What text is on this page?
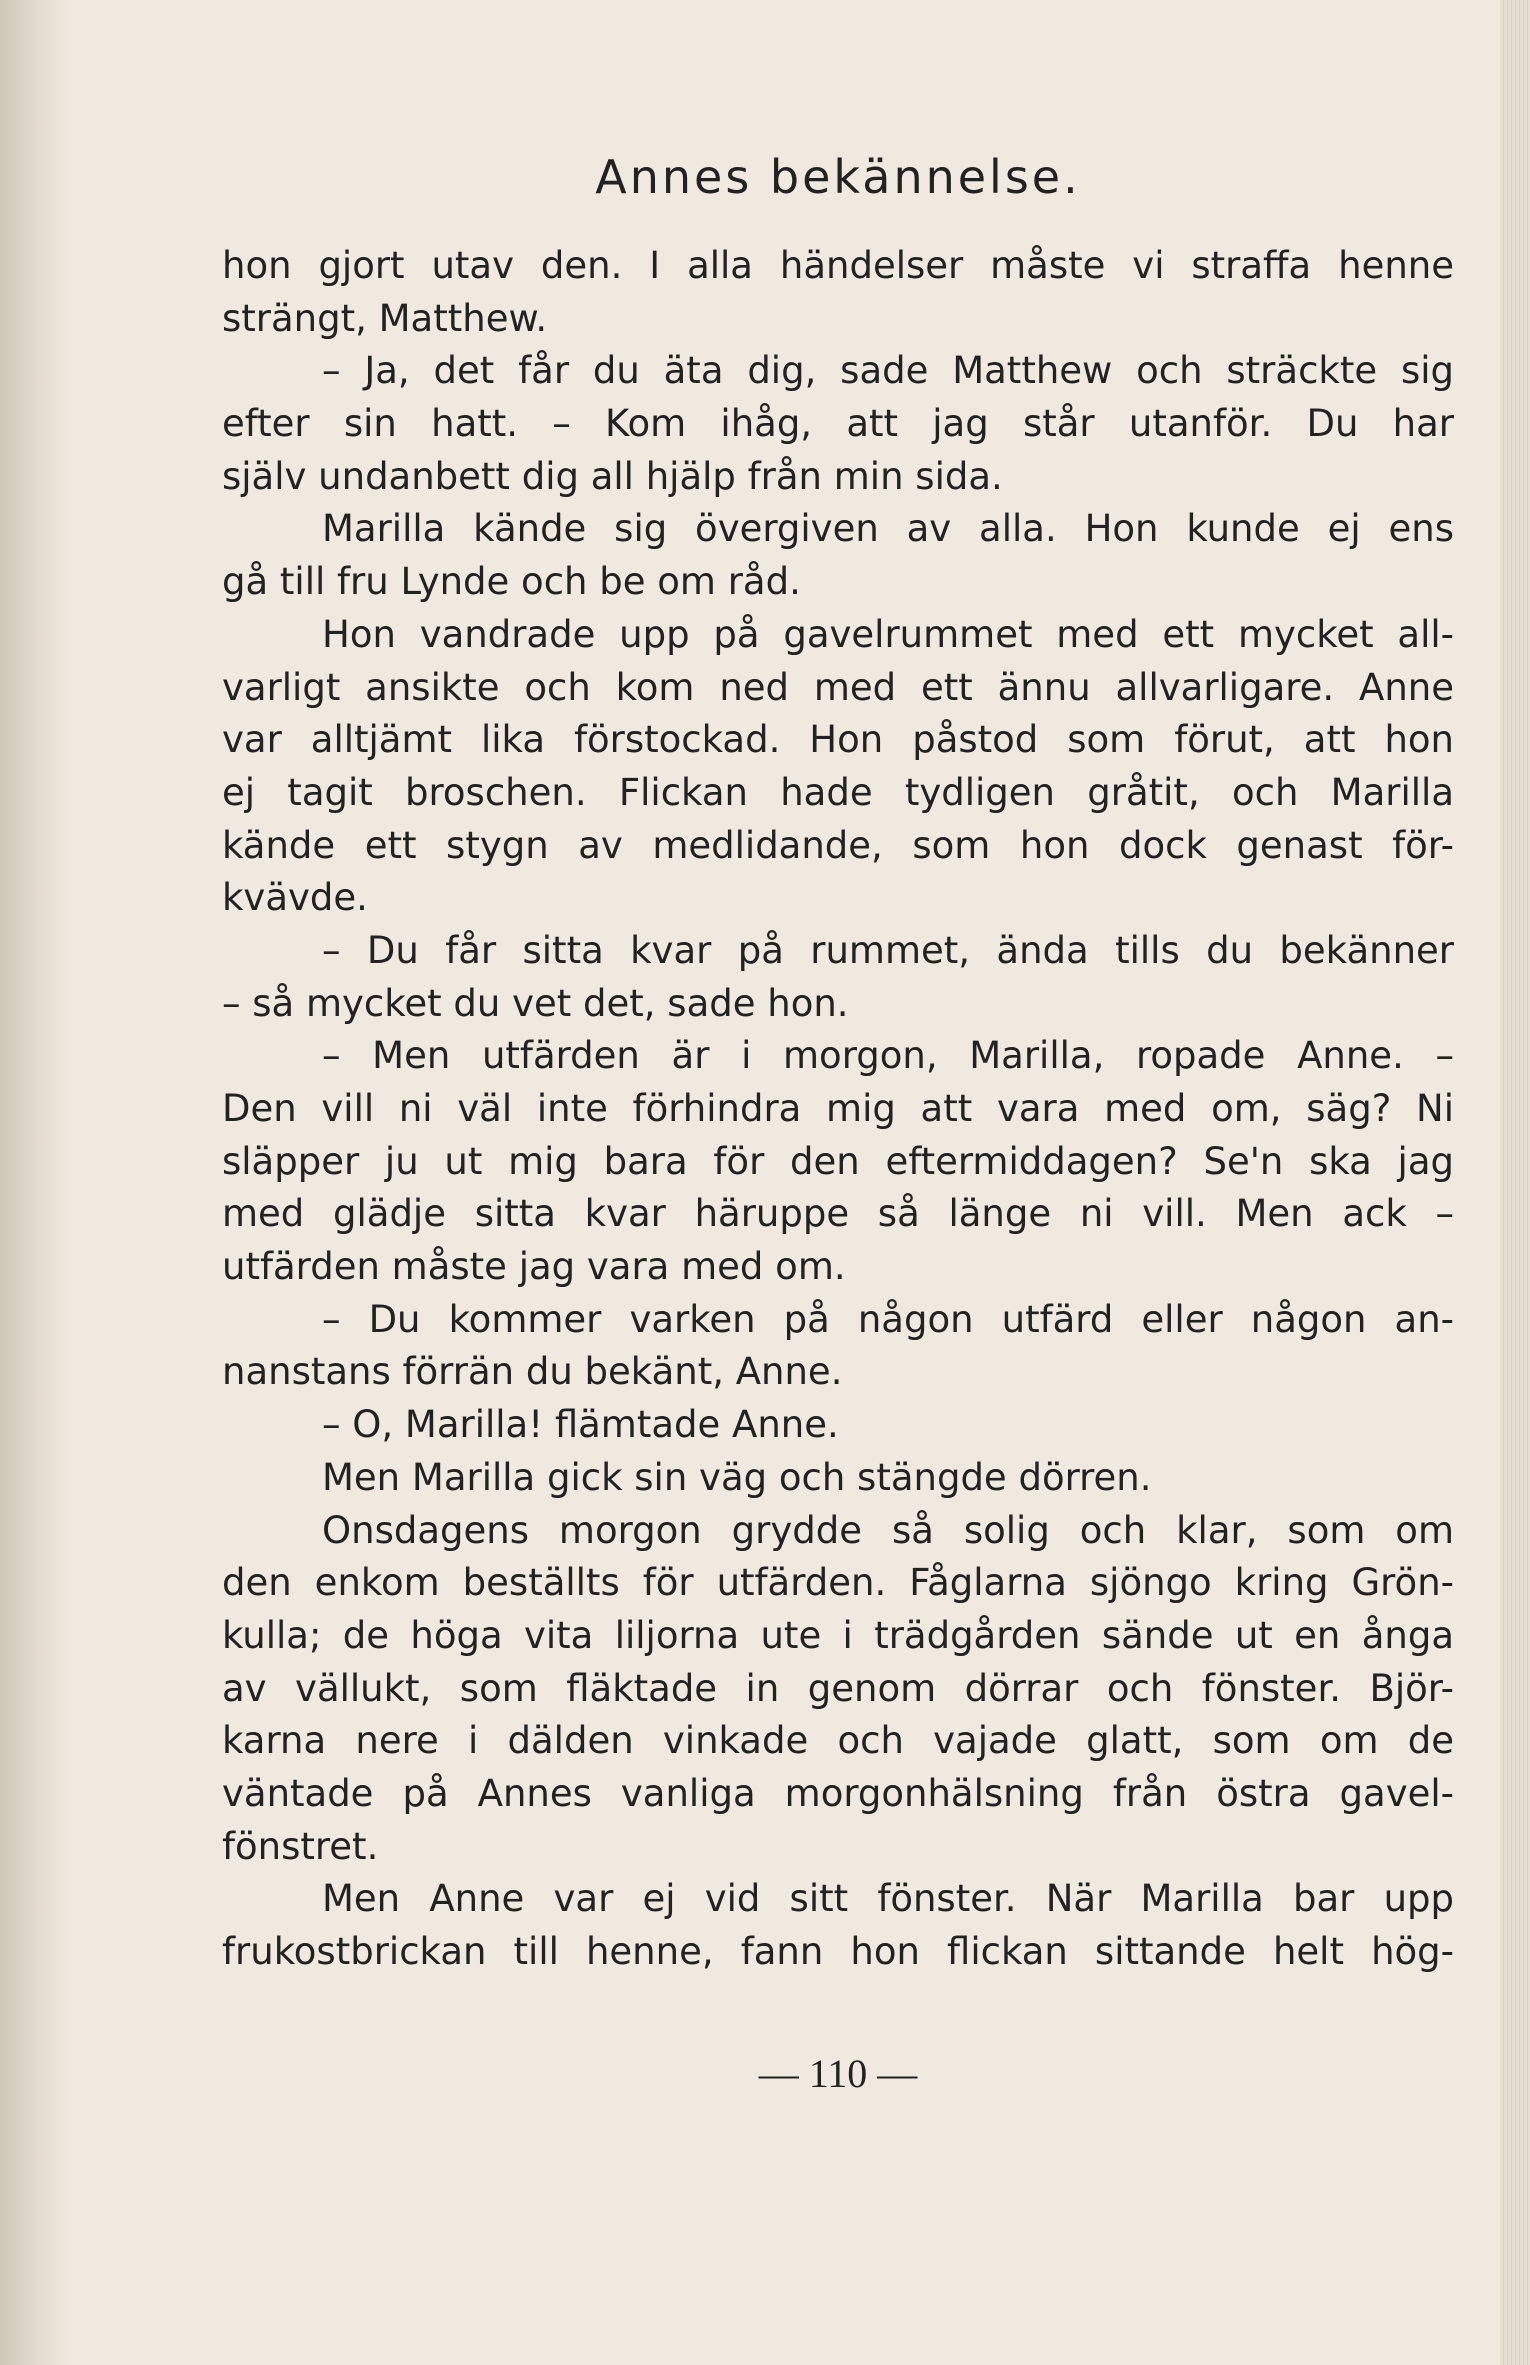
Annes bekännelse.
hon gjort utav den. I alla händelser måste vi straffa henne
strängt, Matthew.
– Ja, det får du äta dig, sade Matthew och sträckte sig
efter sin hatt. – Kom ihåg, att jag står utanför. Du har
själv undanbett dig all hjälp från min sida.
Marilla kände sig övergiven av alla. Hon kunde ej ens
gå till fru Lynde och be om råd.
Hon vandrade upp på gavelrummet med ett mycket all-
varligt ansikte och kom ned med ett ännu allvarligare. Anne
var alltjämt lika förstockad. Hon påstod som förut, att hon
ej tagit broschen. Flickan hade tydligen gråtit, och Marilla
kände ett stygn av medlidande, som hon dock genast för-
kvävde.
– Du får sitta kvar på rummet, ända tills du bekänner
– så mycket du vet det, sade hon.
– Men utfärden är i morgon, Marilla, ropade Anne. –
Den vill ni väl inte förhindra mig att vara med om, säg? Ni
släpper ju ut mig bara för den eftermiddagen? Se'n ska jag
med glädje sitta kvar häruppe så länge ni vill. Men ack –
utfärden måste jag vara med om.
– Du kommer varken på någon utfärd eller någon an-
nanstans förrän du bekänt, Anne.
– O, Marilla! flämtade Anne.
Men Marilla gick sin väg och stängde dörren.
Onsdagens morgon grydde så solig och klar, som om
den enkom beställts för utfärden. Fåglarna sjöngo kring Grön-
kulla; de höga vita liljorna ute i trädgården sände ut en ånga
av vällukt, som fläktade in genom dörrar och fönster. Björ-
karna nere i dälden vinkade och vajade glatt, som om de
väntade på Annes vanliga morgonhälsning från östra gavel-
fönstret.
Men Anne var ej vid sitt fönster. När Marilla bar upp
frukostbrickan till henne, fann hon flickan sittande helt hög-
— 110 —
